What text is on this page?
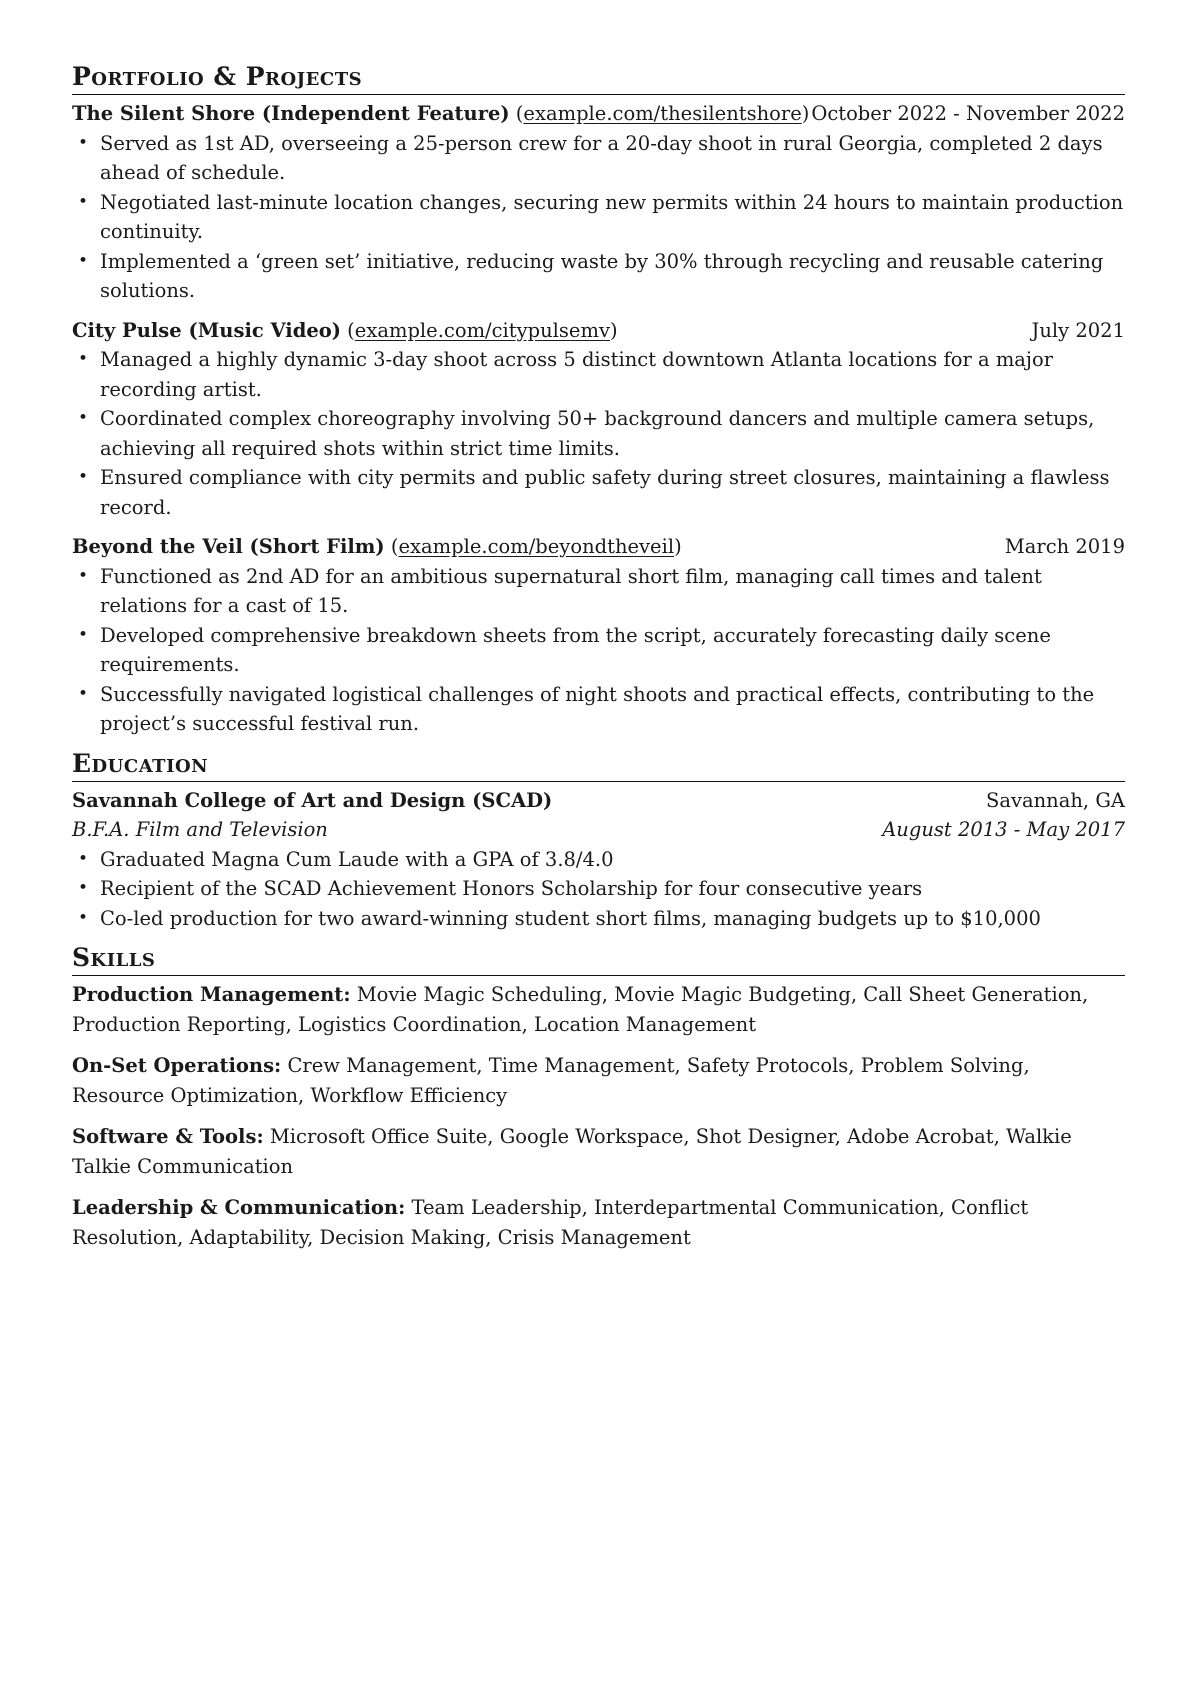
Portfolio & Projects
The Silent Shore (Independent Feature) (example.com/thesilentshore) October 2022 - November 2022
• Served as 1st AD, overseeing a 25-person crew for a 20-day shoot in rural Georgia, completed 2 days ahead of schedule.
• Negotiated last-minute location changes, securing new permits within 24 hours to maintain production continuity.
• Implemented a ‘green set’ initiative, reducing waste by 30% through recycling and reusable catering solutions.
City Pulse (Music Video) (example.com/citypulsemv)	July 2021
• Managed a highly dynamic 3-day shoot across 5 distinct downtown Atlanta locations for a major recording artist.
• Coordinated complex choreography involving 50+ background dancers and multiple camera setups, achieving all required shots within strict time limits.
• Ensured compliance with city permits and public safety during street closures, maintaining a flawless record.
Beyond the Veil (Short Film) (example.com/beyondtheveil)	March 2019
• Functioned as 2nd AD for an ambitious supernatural short film, managing call times and talent relations for a cast of 15.
• Developed comprehensive breakdown sheets from the script, accurately forecasting daily scene requirements.
• Successfully navigated logistical challenges of night shoots and practical effects, contributing to the project’s successful festival run.
Education
Savannah College of Art and Design (SCAD)	Savannah, GA
B.F.A. Film and Television	August 2013 - May 2017
• Graduated Magna Cum Laude with a GPA of 3.8/4.0
• Recipient of the SCAD Achievement Honors Scholarship for four consecutive years
• Co-led production for two award-winning student short films, managing budgets up to $10,000
Skills
Production Management: Movie Magic Scheduling, Movie Magic Budgeting, Call Sheet Generation, Production Reporting, Logistics Coordination, Location Management
On-Set Operations: Crew Management, Time Management, Safety Protocols, Problem Solving, Resource Optimization, Workflow Efficiency
Software & Tools: Microsoft Office Suite, Google Workspace, Shot Designer, Adobe Acrobat, Walkie Talkie Communication
Leadership & Communication: Team Leadership, Interdepartmental Communication, Conflict Resolution, Adaptability, Decision Making, Crisis Management
